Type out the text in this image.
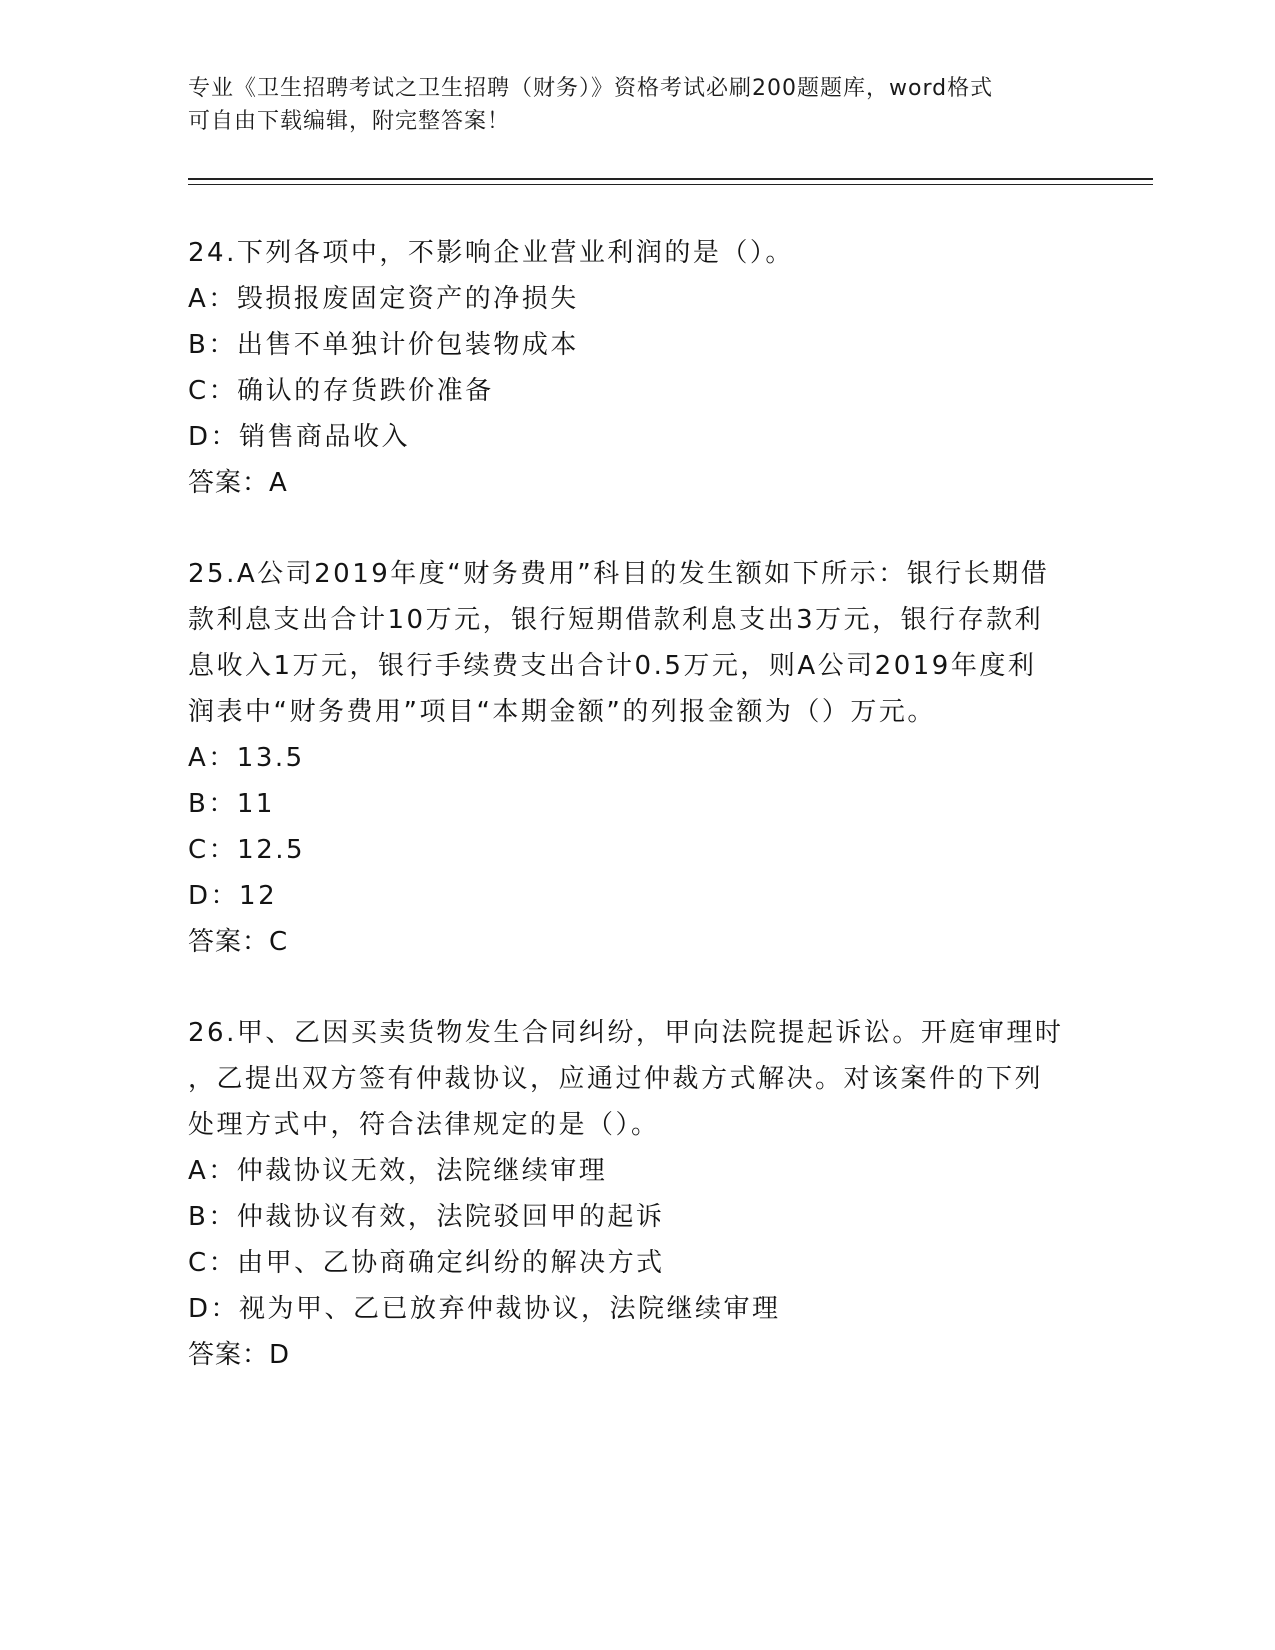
专业《卫生招聘考试之卫生招聘（财务）》资格考试必刷200题题库，word格式
可自由下载编辑，附完整答案！
24.下列各项中，不影响企业营业利润的是（）。
A：毁损报废固定资产的净损失
B：出售不单独计价包装物成本
C：确认的存货跌价准备
D：销售商品收入
答案：A
25.A公司2019年度“财务费用”科目的发生额如下所示：银行长期借
款利息支出合计10万元，银行短期借款利息支出3万元，银行存款利
息收入1万元，银行手续费支出合计0.5万元，则A公司2019年度利
润表中“财务费用”项目“本期金额”的列报金额为（）万元。
A：13.5
B：11
C：12.5
D：12
答案：C
26.甲、乙因买卖货物发生合同纠纷，甲向法院提起诉讼。开庭审理时
，乙提出双方签有仲裁协议，应通过仲裁方式解决。对该案件的下列
处理方式中，符合法律规定的是（）。
A：仲裁协议无效，法院继续审理
B：仲裁协议有效，法院驳回甲的起诉
C：由甲、乙协商确定纠纷的解决方式
D：视为甲、乙已放弃仲裁协议，法院继续审理
答案：D
